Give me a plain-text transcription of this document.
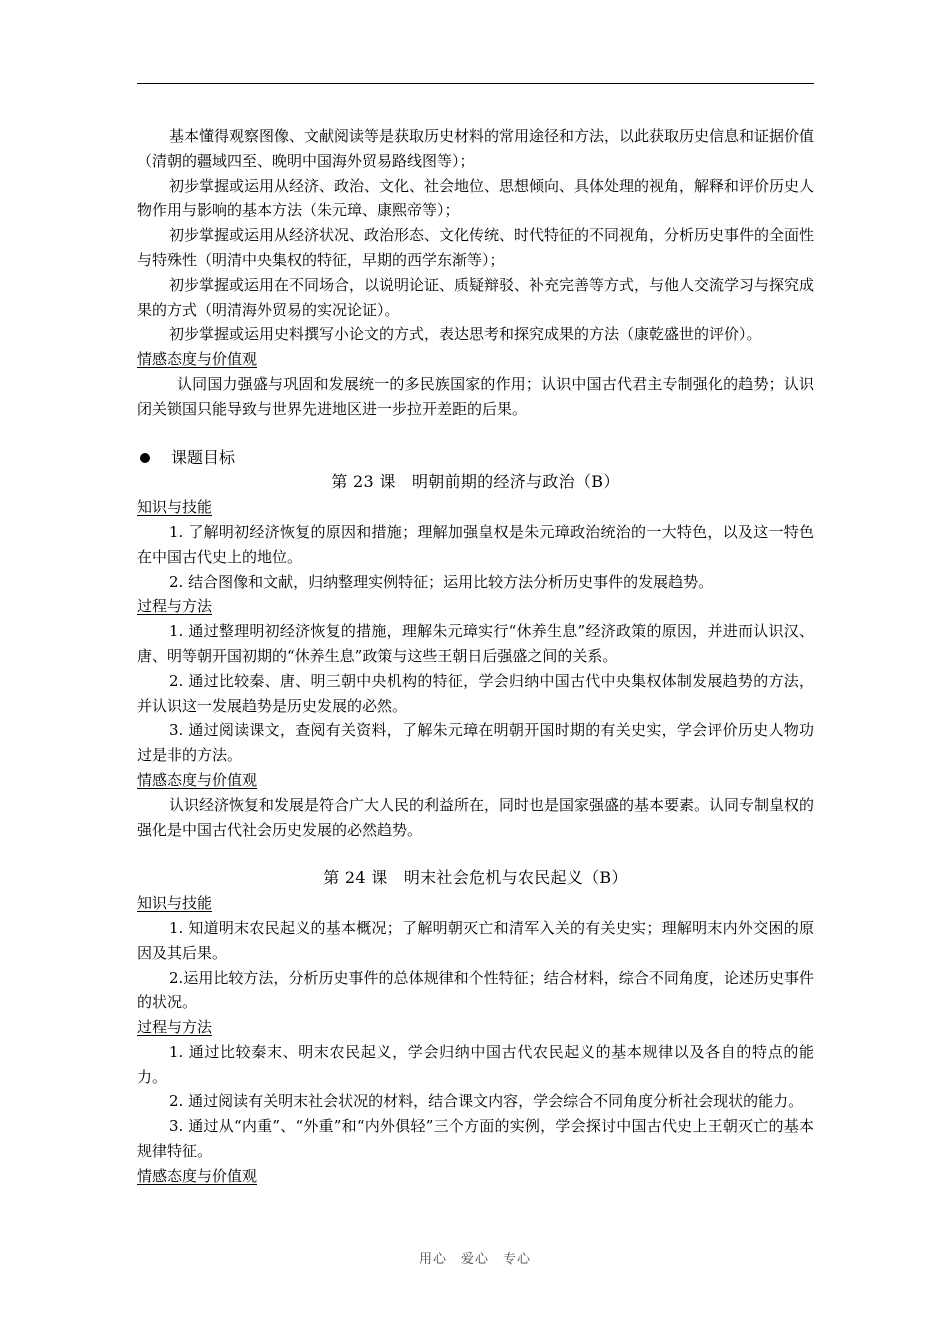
基本懂得观察图像、文献阅读等是获取历史材料的常用途径和方法，以此获取历史信息和证据价值（清朝的疆域四至、晚明中国海外贸易路线图等）；

初步掌握或运用从经济、政治、文化、社会地位、思想倾向、具体处理的视角，解释和评价历史人物作用与影响的基本方法（朱元璋、康熙帝等）；

初步掌握或运用从经济状况、政治形态、文化传统、时代特征的不同视角，分析历史事件的全面性与特殊性（明清中央集权的特征，早期的西学东渐等）；

初步掌握或运用在不同场合，以说明论证、质疑辩驳、补充完善等方式，与他人交流学习与探究成果的方式（明清海外贸易的实况论证）。

初步掌握或运用史料撰写小论文的方式，表达思考和探究成果的方法（康乾盛世的评价）。

情感态度与价值观

认同国力强盛与巩固和发展统一的多民族国家的作用；认识中国古代君主专制强化的趋势；认识闭关锁国只能导致与世界先进地区进一步拉开差距的后果。

课题目标

第 23 课　明朝前期的经济与政治（B）

知识与技能

1. 了解明初经济恢复的原因和措施；理解加强皇权是朱元璋政治统治的一大特色，以及这一特色在中国古代史上的地位。

2. 结合图像和文献，归纳整理实例特征；运用比较方法分析历史事件的发展趋势。

过程与方法

1. 通过整理明初经济恢复的措施，理解朱元璋实行“休养生息”经济政策的原因，并进而认识汉、唐、明等朝开国初期的“休养生息”政策与这些王朝日后强盛之间的关系。

2. 通过比较秦、唐、明三朝中央机构的特征，学会归纳中国古代中央集权体制发展趋势的方法，并认识这一发展趋势是历史发展的必然。

3. 通过阅读课文，查阅有关资料，了解朱元璋在明朝开国时期的有关史实，学会评价历史人物功过是非的方法。

情感态度与价值观

认识经济恢复和发展是符合广大人民的利益所在，同时也是国家强盛的基本要素。认同专制皇权的强化是中国古代社会历史发展的必然趋势。

第 24 课　明末社会危机与农民起义（B）

知识与技能

1. 知道明末农民起义的基本概况；了解明朝灭亡和清军入关的有关史实；理解明末内外交困的原因及其后果。

2.运用比较方法，分析历史事件的总体规律和个性特征；结合材料，综合不同角度，论述历史事件的状况。

过程与方法

1. 通过比较秦末、明末农民起义，学会归纳中国古代农民起义的基本规律以及各自的特点的能力。

2. 通过阅读有关明末社会状况的材料，结合课文内容，学会综合不同角度分析社会现状的能力。

3. 通过从“内重”、“外重”和“内外俱轻”三个方面的实例，学会探讨中国古代史上王朝灭亡的基本规律特征。

情感态度与价值观

用心　爱心　专心
